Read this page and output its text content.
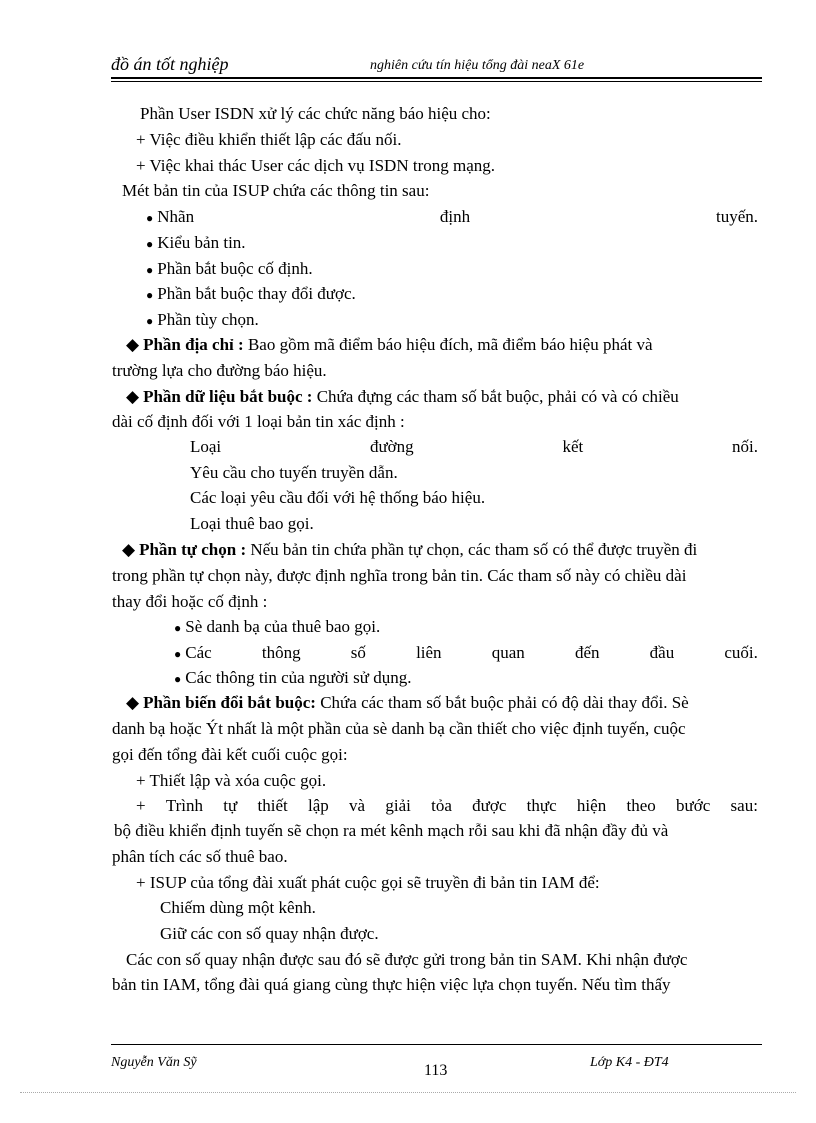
đồ án tốt nghiệp	nghiên cứu tín hiệu tổng đài neaX 61e
Phần User ISDN xử lý các chức năng báo hiệu cho:
+ Việc điều khiển thiết lập các đấu nối.
+ Việc khai thác User các dịch vụ ISDN trong mạng.
Mét bản tin của ISUP chứa các thông tin sau:
● Nhãn	định	tuyến.
● Kiểu bản tin.
● Phần bắt buộc cố định.
● Phần bắt buộc thay đổi được.
● Phần tùy chọn.
◆ Phần địa chỉ : Bao gồm mã điểm báo hiệu đích, mã điểm báo hiệu phát và
trường lựa cho đường báo hiệu.
◆ Phần dữ liệu bắt buộc : Chứa đựng các tham số bắt buộc, phải có và có chiều
dài cố định đối với 1 loại bản tin xác định :
Loại	đường	kết	nối.
Yêu cầu cho tuyến truyền dẫn.
Các loại yêu cầu đối với hệ thống báo hiệu.
Loại thuê bao gọi.
◆ Phần tự chọn : Nếu bản tin chứa phần tự chọn, các tham số có thể được truyền đi
trong phần tự chọn này, được định nghĩa trong bản tin. Các tham số này có chiều dài
thay đổi hoặc cố định :
● Sè danh bạ của thuê bao gọi.
● Các	thông	số	liên	quan	đến	đầu	cuối.
● Các thông tin của người sử dụng.
◆ Phần biến đổi bắt buộc: Chứa các tham số bắt buộc phải có độ dài thay đổi. Sè
danh bạ hoặc Ýt nhất là một phần của sè danh bạ cần thiết cho việc định tuyến, cuộc
gọi đến tổng đài kết cuối cuộc gọi:
+ Thiết lập và xóa cuộc gọi.
+ Trình tự thiết lập và giải tỏa được thực hiện theo bước sau:
bộ điều khiển định tuyến sẽ chọn ra mét kênh mạch rỗi sau khi đã nhận đầy đủ và
phân tích các số thuê bao.
+ ISUP của tổng đài xuất phát cuộc gọi sẽ truyền đi bản tin IAM để:
Chiếm dùng một kênh.
Giữ các con số quay nhận được.
Các con số quay nhận được sau đó sẽ được gửi trong bản tin SAM. Khi nhận được
bản tin IAM, tổng đài quá giang cùng thực hiện việc lựa chọn tuyến. Nếu tìm thấy
Nguyễn Văn Sỹ	Lớp K4 - ĐT4
113
